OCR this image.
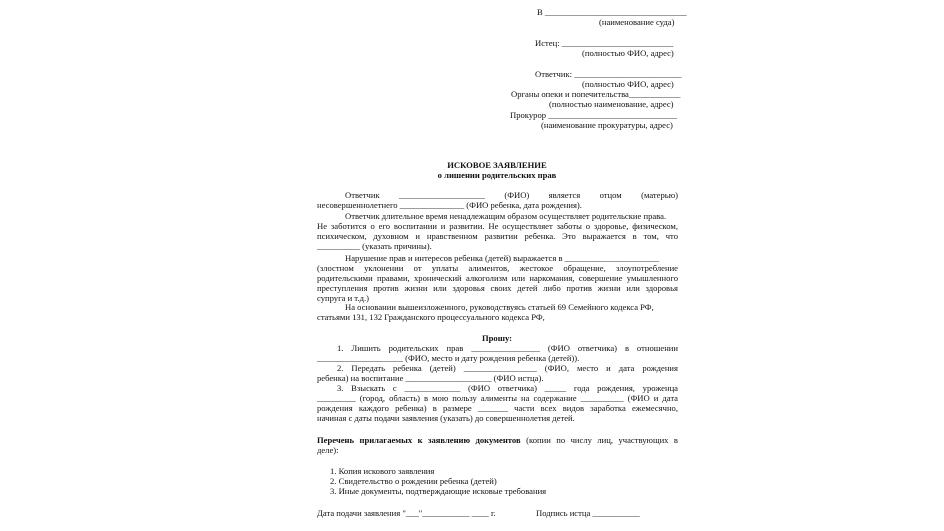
В _________________________________
(наименование суда)
Истец: __________________________
(полностью ФИО, адрес)
Ответчик: _________________________
(полностью ФИО, адрес)
Органы опеки и попечительства____________
(полностью наименование, адрес)
Прокурор ______________________________
(наименование прокуратуры, адрес)
ИСКОВОЕ ЗАЯВЛЕНИЕ
о лишении родительских прав
Ответчик ____________________ (ФИО) является отцом (матерью)
несовершеннолетнего _______________ (ФИО ребенка, дата рождения).
Ответчик длительное время ненадлежащим образом осуществляет родительские права.
Не заботится о его воспитании и развитии. Не осуществляет заботы о здоровье, физическом,
психическом, духовном и нравственном развитии ребенка. Это выражается в том, что
__________ (указать причины).
Нарушение прав и интересов ребенка (детей) выражается в ______________________
(злостном уклонении от уплаты алиментов, жестокое обращение, злоупотребление
родительскими правами, хронический алкоголизм или наркомания, совершение умышленного
преступления против жизни или здоровья своих детей либо против жизни или здоровья
супруга и т.д.)
На основании вышеизложенного, руководствуясь статьей 69 Семейного кодекса РФ,
статьями 131, 132 Гражданского процессуального кодекса РФ,
Прошу:
1. Лишить родительских прав ________________ (ФИО ответчика) в отношении
____________________ (ФИО, место и дату рождения ребенка (детей)).
2. Передать ребенка (детей) _________________ (ФИО, место и дата рождения
ребенка) на воспитание ____________________ (ФИО истца).
3. Взыскать с _____________ (ФИО ответчика) _____ года рождения, уроженца
_________ (город, область) в мою пользу алименты на содержание __________ (ФИО и дата
рождения каждого ребенка) в размере _______ части всех видов заработка ежемесячно,
начиная с даты подачи заявления (указать) до совершеннолетия детей.
Перечень прилагаемых к заявлению документов (копии по числу лиц, участвующих в
деле):
1. Копия искового заявления
2. Свидетельство о рождении ребенка (детей)
3. Иные документы, подтверждающие исковые требования
Дата подачи заявления "___"___________ ____ г.	Подпись истца ___________
